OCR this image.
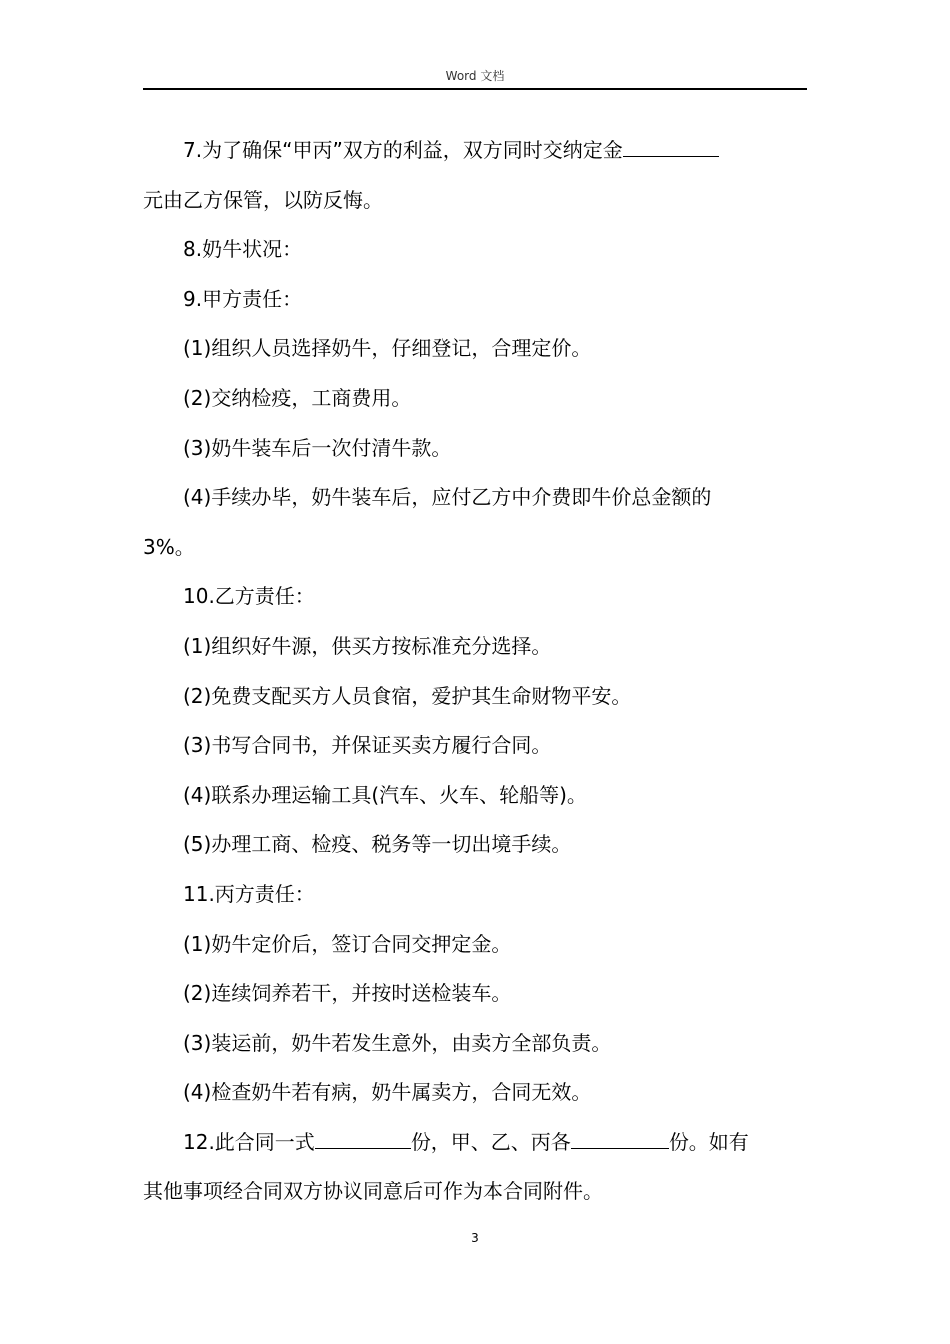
Word 文档

7.为了确保“甲丙”双方的利益，双方同时交纳定金

元由乙方保管，以防反悔。

8.奶牛状况：

9.甲方责任：

(1)组织人员选择奶牛，仔细登记，合理定价。

(2)交纳检疫，工商费用。

(3)奶牛装车后一次付清牛款。

(4)手续办毕，奶牛装车后，应付乙方中介费即牛价总金额的

3%。

10.乙方责任：

(1)组织好牛源，供买方按标准充分选择。

(2)免费支配买方人员食宿，爱护其生命财物平安。

(3)书写合同书，并保证买卖方履行合同。

(4)联系办理运输工具(汽车、火车、轮船等)。

(5)办理工商、检疫、税务等一切出境手续。

11.丙方责任：

(1)奶牛定价后，签订合同交押定金。

(2)连续饲养若干，并按时送检装车。

(3)装运前，奶牛若发生意外，由卖方全部负责。

(4)检查奶牛若有病，奶牛属卖方，合同无效。

12.此合同一式	份，甲、乙、丙各	份。如有

其他事项经合同双方协议同意后可作为本合同附件。

3
